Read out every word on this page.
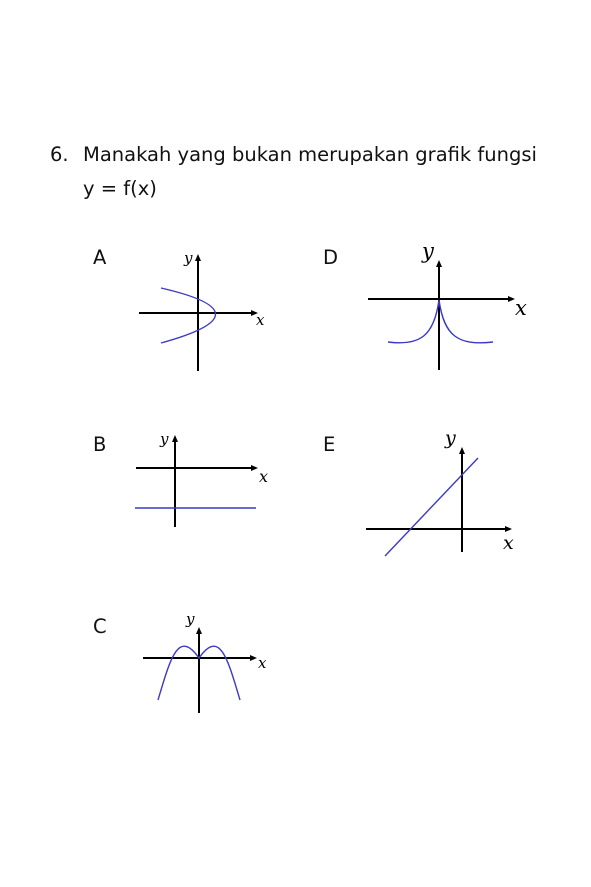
6. Manakah yang bukan merupakan grafik fungsi
y = f(x)
A	y
x
B	y
x
C	y
x
D	y
x
E	y
x
